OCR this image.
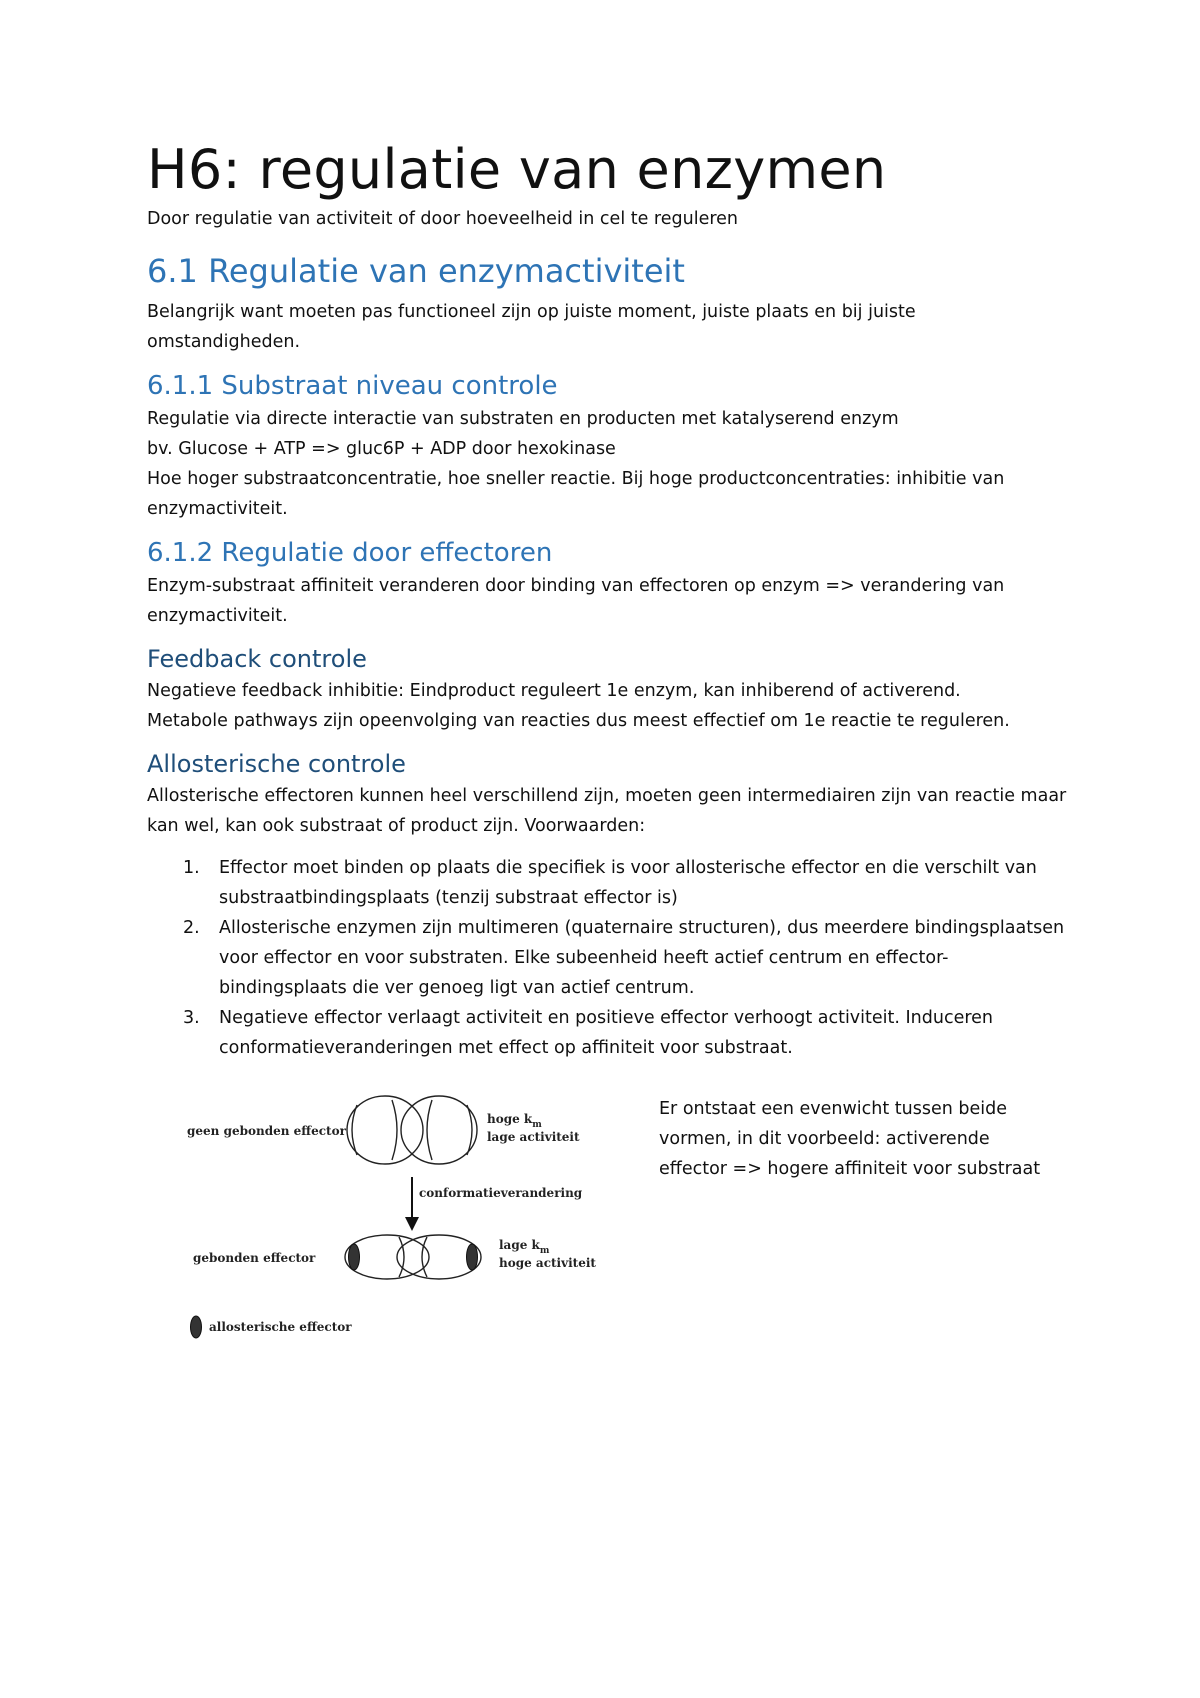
H6: regulatie van enzymen

Door regulatie van activiteit of door hoeveelheid in cel te reguleren

6.1 Regulatie van enzymactiviteit

Belangrijk want moeten pas functioneel zijn op juiste moment, juiste plaats en bij juiste omstandigheden.

6.1.1 Substraat niveau controle

Regulatie via directe interactie van substraten en producten met katalyserend enzym

bv. Glucose + ATP => gluc6P + ADP door hexokinase

Hoe hoger substraatconcentratie, hoe sneller reactie. Bij hoge productconcentraties: inhibitie van enzymactiviteit.

6.1.2 Regulatie door effectoren

Enzym-substraat affiniteit veranderen door binding van effectoren op enzym => verandering van enzymactiviteit.

Feedback controle

Negatieve feedback inhibitie: Eindproduct reguleert 1e enzym, kan inhiberend of activerend.

Metabole pathways zijn opeenvolging van reacties dus meest effectief om 1e reactie te reguleren.

Allosterische controle

Allosterische effectoren kunnen heel verschillend zijn, moeten geen intermediairen zijn van reactie maar kan wel, kan ook substraat of product zijn. Voorwaarden:

1. Effector moet binden op plaats die specifiek is voor allosterische effector en die verschilt van substraatbindingsplaats (tenzij substraat effector is)
2. Allosterische enzymen zijn multimeren (quaternaire structuren), dus meerdere bindingsplaatsen voor effector en voor substraten. Elke subeenheid heeft actief centrum en effector-bindingsplaats die ver genoeg ligt van actief centrum.
3. Negatieve effector verlaagt activiteit en positieve effector verhoogt activiteit. Induceren conformatieveranderingen met effect op affiniteit voor substraat.
geen gebonden effector
hoge $k_m$
lage activiteit
conformatieverandering
gebonden effector
lage $k_m$
hoge activiteit
allosterische effector

Er ontstaat een evenwicht tussen beide vormen, in dit voorbeeld: activerende effector => hogere affiniteit voor substraat
